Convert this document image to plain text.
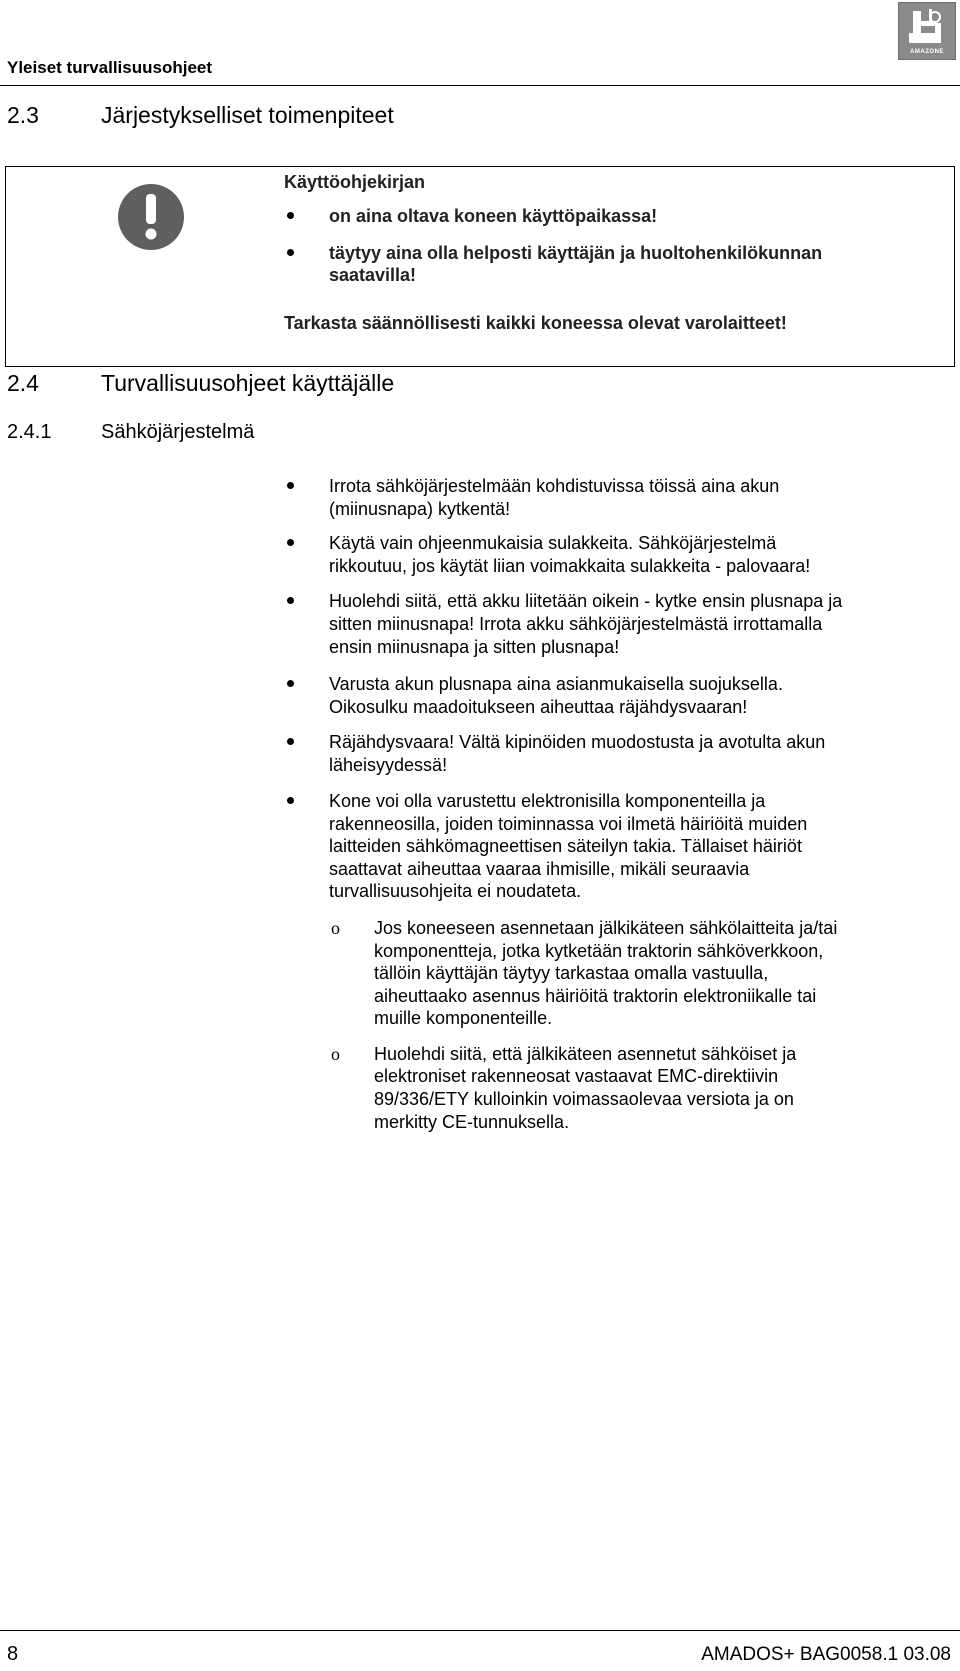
Yleiset turvallisuusohjeet
AMAZONE
2.3	Järjestykselliset toimenpiteet
Käyttöohjekirjan
on aina oltava koneen käyttöpaikassa!
täytyy aina olla helposti käyttäjän ja huoltohenkilökunnan
saatavilla!
Tarkasta säännöllisesti kaikki koneessa olevat varolaitteet!
2.4	Turvallisuusohjeet käyttäjälle
2.4.1 Sähköjärjestelmä
Irrota sähköjärjestelmään kohdistuvissa töissä aina akun
(miinusnapa) kytkentä!
Käytä vain ohjeenmukaisia sulakkeita. Sähköjärjestelmä
rikkoutuu, jos käytät liian voimakkaita sulakkeita - palovaara!
Huolehdi siitä, että akku liitetään oikein - kytke ensin plusnapa ja
sitten miinusnapa! Irrota akku sähköjärjestelmästä irrottamalla
ensin miinusnapa ja sitten plusnapa!
Varusta akun plusnapa aina asianmukaisella suojuksella.
Oikosulku maadoitukseen aiheuttaa räjähdysvaaran!
Räjähdysvaara! Vältä kipinöiden muodostusta ja avotulta akun
läheisyydessä!
Kone voi olla varustettu elektronisilla komponenteilla ja
rakenneosilla, joiden toiminnassa voi ilmetä häiriöitä muiden
laitteiden sähkömagneettisen säteilyn takia. Tällaiset häiriöt
saattavat aiheuttaa vaaraa ihmisille, mikäli seuraavia
turvallisuusohjeita ei noudateta.
o Jos koneeseen asennetaan jälkikäteen sähkölaitteita ja/tai
komponentteja, jotka kytketään traktorin sähköverkkoon,
tällöin käyttäjän täytyy tarkastaa omalla vastuulla,
aiheuttaako asennus häiriöitä traktorin elektroniikalle tai
muille komponenteille.
o Huolehdi siitä, että jälkikäteen asennetut sähköiset ja
elektroniset rakenneosat vastaavat EMC-direktiivin
89/336/ETY kulloinkin voimassaolevaa versiota ja on
merkitty CE-tunnuksella.
8	AMADOS+ BAG0058.1 03.08
